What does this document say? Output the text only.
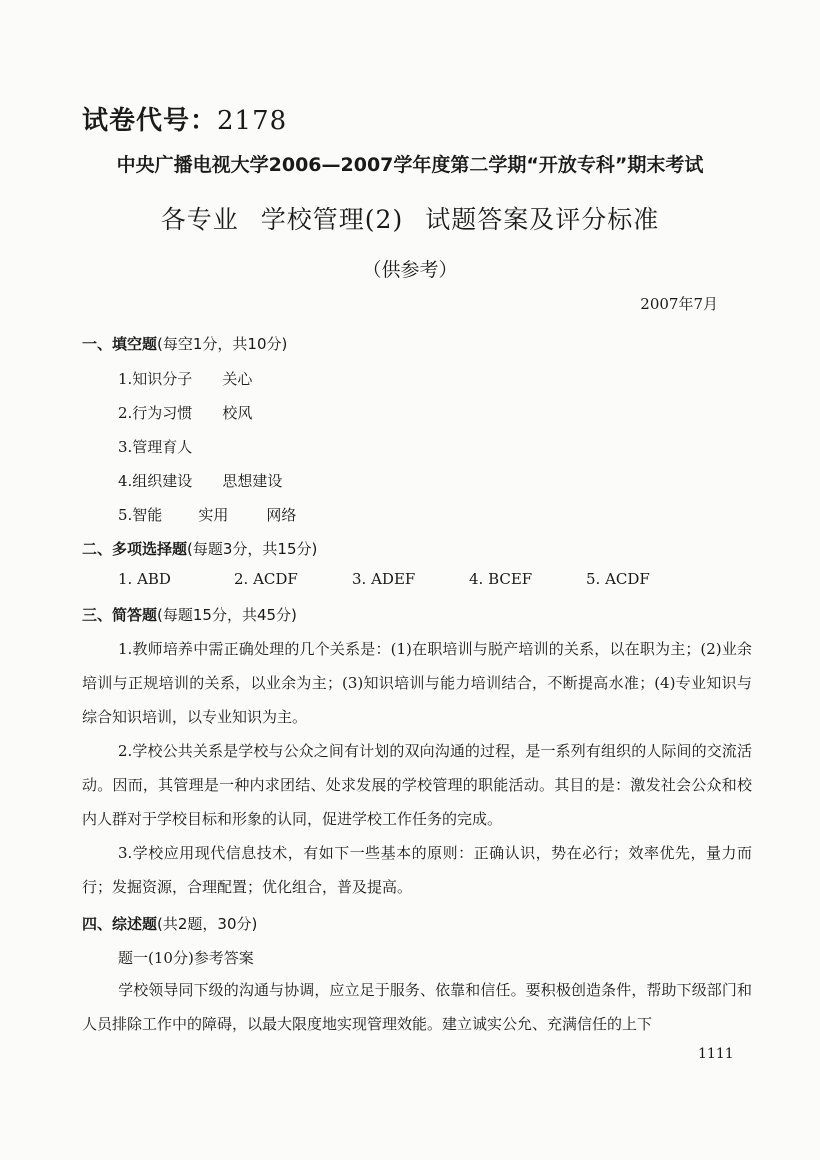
试卷代号：2178
中央广播电视大学2006—2007学年度第二学期“开放专科”期末考试
各专业 学校管理(2) 试题答案及评分标准
（供参考）
2007年7月
一、填空题(每空1分，共10分)
1.知识分子 关心
2.行为习惯 校风
3.管理育人
4.组织建设 思想建设
5.智能 实用	网络
二、多项选择题(每题3分，共15分)
1. ABD	2. ACDF	3. ADEF	4. BCEF	5. ACDF
三、简答题(每题15分，共45分)
1.教师培养中需正确处理的几个关系是：(1)在职培训与脱产培训的关系，以在职为主；(2)业余培训与正规培训的关系，以业余为主；(3)知识培训与能力培训结合，不断提高水准；(4)专业知识与综合知识培训，以专业知识为主。
2.学校公共关系是学校与公众之间有计划的双向沟通的过程，是一系列有组织的人际间的交流活动。因而，其管理是一种内求团结、处求发展的学校管理的职能活动。其目的是：激发社会公众和校内人群对于学校目标和形象的认同，促进学校工作任务的完成。
3.学校应用现代信息技术，有如下一些基本的原则：正确认识，势在必行；效率优先，量力而行；发掘资源，合理配置；优化组合，普及提高。
四、综述题(共2题，30分)
题一(10分)参考答案
学校领导同下级的沟通与协调，应立足于服务、依靠和信任。要积极创造条件，帮助下级部门和人员排除工作中的障碍，以最大限度地实现管理效能。建立诚实公允、充满信任的上下
1111
